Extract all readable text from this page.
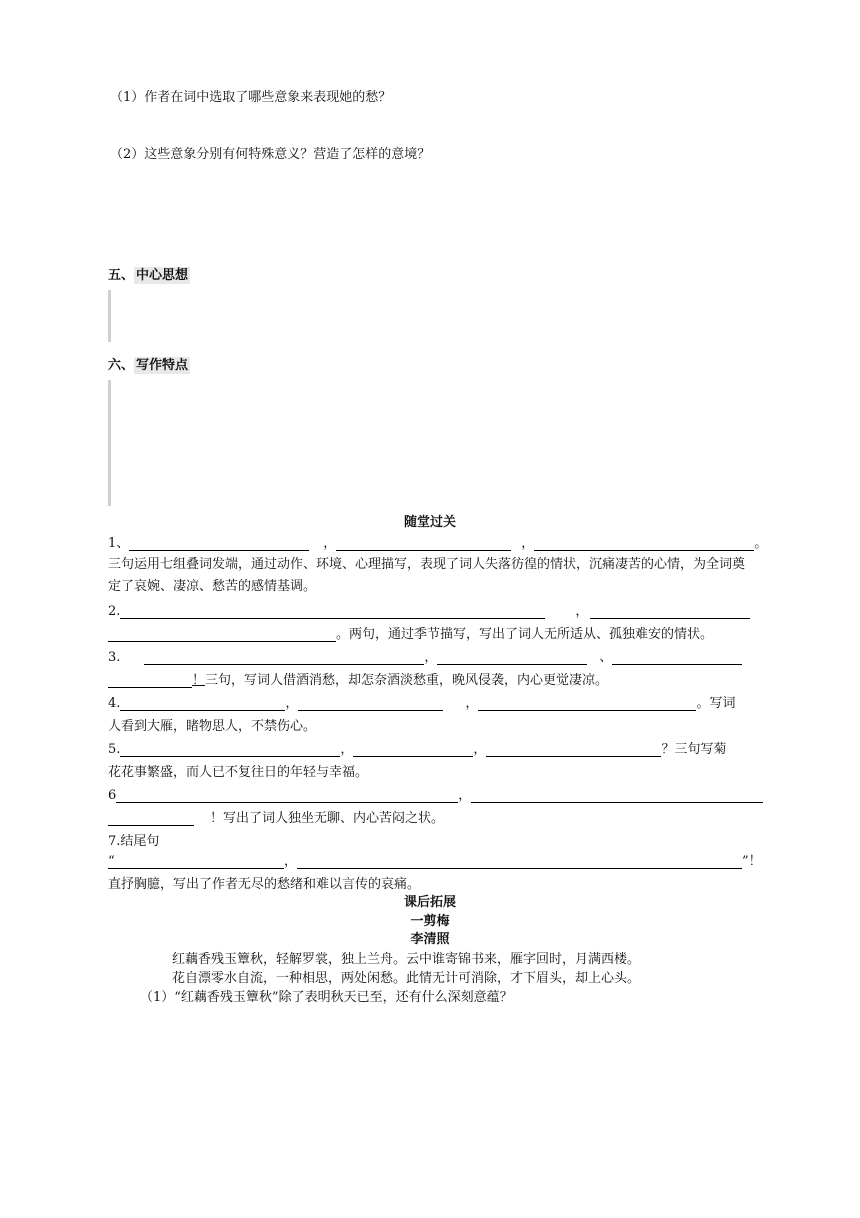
（1）作者在词中选取了哪些意象来表现她的愁？
（2）这些意象分别有何特殊意义？营造了怎样的意境？
五、 中心思想
六、 写作特点
随堂过关
1、	，	，	。
三句运用七组叠词发端，通过动作、环境、心理描写，表现了词人失落彷徨的情状，沉痛凄苦的心情，为全词奠定了哀婉、凄凉、愁苦的感情基调。
2.	，
。两句，通过季节描写，写出了词人无所适从、孤独难安的情状。
3.	，	、
！三句，写词人借酒消愁，却怎奈酒淡愁重，晚风侵袭，内心更觉凄凉。
4.	，	，	。写词
人看到大雁，睹物思人，不禁伤心。
5.	，	，	？三句写菊
花花事繁盛，而人已不复往日的年轻与幸福。
6	，
！写出了词人独坐无聊、内心苦闷之状。
7.结尾句
“	，	”！
直抒胸臆，写出了作者无尽的愁绪和难以言传的哀痛。
课后拓展
一剪梅
李清照
红藕香残玉簟秋，轻解罗裳，独上兰舟。云中谁寄锦书来，雁字回时，月满西楼。
花自漂零水自流，一种相思，两处闲愁。此情无计可消除，才下眉头，却上心头。
（1）“红藕香残玉簟秋”除了表明秋天已至，还有什么深刻意蕴？
